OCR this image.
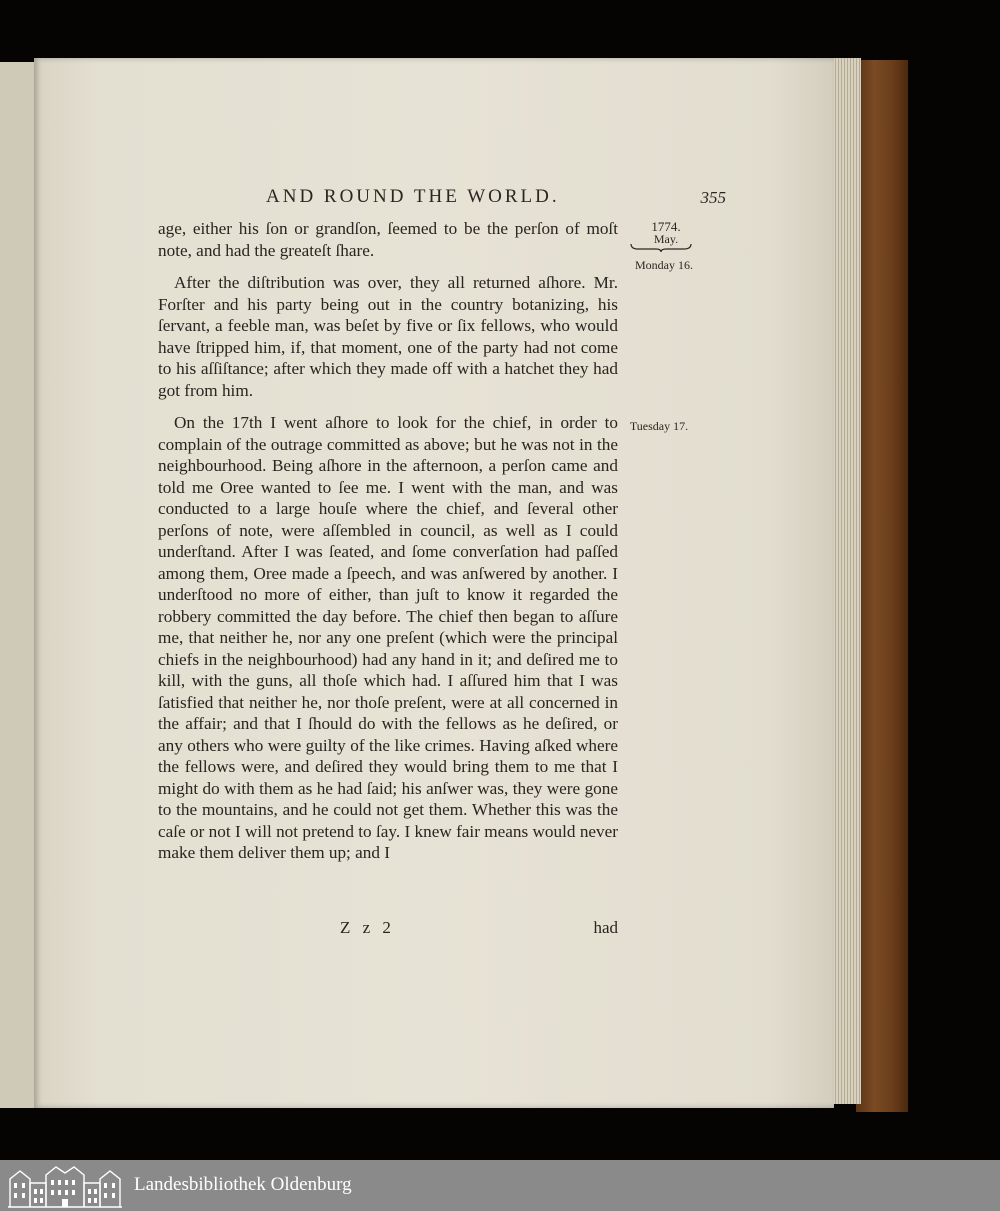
AND ROUND THE WORLD.	355
1774.
May.
Monday 16.
Tuesday 17.

age, either his ſon or grandſon, ſeemed to be the perſon of moſt note, and had the greateſt ſhare.

After the diſtribution was over, they all returned aſhore. Mr. Forſter and his party being out in the country botanizing, his ſervant, a feeble man, was beſet by five or ſix fellows, who would have ſtripped him, if, that moment, one of the party had not come to his aſſiſtance; after which they made off with a hatchet they had got from him.

On the 17th I went aſhore to look for the chief, in order to complain of the outrage committed as above; but he was not in the neighbourhood. Being aſhore in the afternoon, a perſon came and told me Oree wanted to ſee me. I went with the man, and was conducted to a large houſe where the chief, and ſeveral other perſons of note, were aſſembled in council, as well as I could underſtand. After I was ſeated, and ſome converſation had paſſed among them, Oree made a ſpeech, and was anſwered by another. I underſtood no more of either, than juſt to know it regarded the robbery committed the day before. The chief then began to aſſure me, that neither he, nor any one preſent (which were the principal chiefs in the neighbourhood) had any hand in it; and deſired me to kill, with the guns, all thoſe which had. I aſſured him that I was ſatisfied that neither he, nor thoſe preſent, were at all concerned in the affair; and that I ſhould do with the fellows as he deſired, or any others who were guilty of the like crimes. Having aſked where the fellows were, and deſired they would bring them to me that I might do with them as he had ſaid; his anſwer was, they were gone to the mountains, and he could not get them. Whether this was the caſe or not I will not pretend to ſay. I knew fair means would never make them deliver them up; and I

Z z 2	had
Landesbibliothek Oldenburg
